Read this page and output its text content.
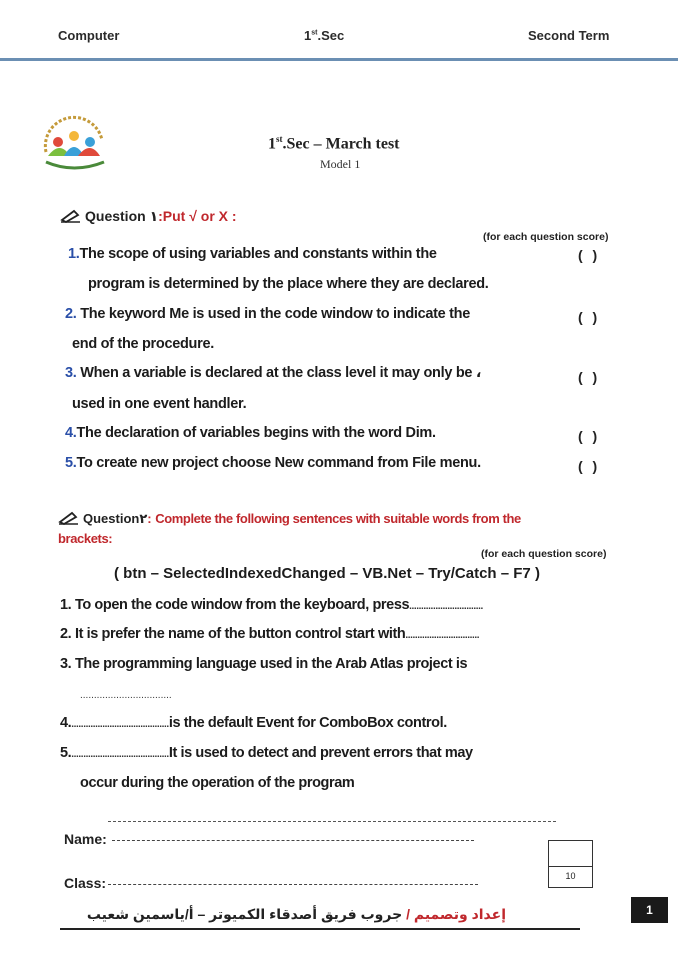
Computer	1st.Sec	Second Term
1st.Sec – March test
Model 1
Question ١:Put √ or X :
(for each question score)
1.The scope of using variables and constants within the	( )
program is determined by the place where they are declared.
2. The keyword Me is used in the code window to indicate the	( )
end of the procedure.
3. When a variable is declared at the class level it may only be ،	( )
used in one event handler.
4.The declaration of variables begins with the word Dim.	( )
5.To create new project choose New command from File menu.	( )
Question٢: Complete the following sentences with suitable words from the
brackets:
(for each question score)
( btn – SelectedIndexedChanged – VB.Net – Try/Catch – F7 )
1. To open the code window from the keyboard, press...............................
2. It is prefer the name of the button control start with...............................
3. The programming language used in the Arab Atlas project is
.................................
4..........................................is the default Event for ComboBox control.
5..........................................It is used to detect and prevent errors that may
occur during the operation of the program
Name:
Class:	10
إعداد وتصميم / جروب فريق أصدقاء الكميوتر – أ/ياسمين شعيب	1
